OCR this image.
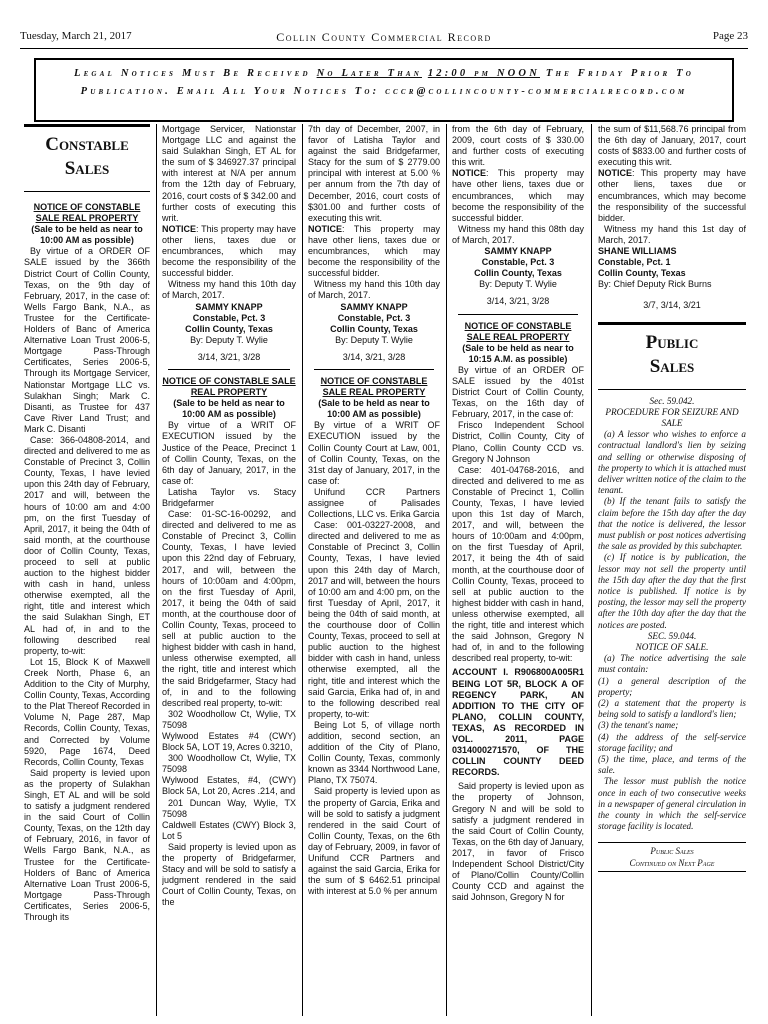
Tuesday, March 21, 2017	Collin County Commercial Record	Page 23
Legal Notices Must Be Received No Later Than 12:00 pm NOON The Friday Prior To Publication. Email All Your Notices To: cccr@collincounty-commercialrecord.com
Constable Sales
NOTICE OF CONSTABLE SALE REAL PROPERTY
(Sale to be held as near to 10:00 AM as possible)

By virtue of a ORDER OF SALE issued by the 366th District Court of Collin County, Texas, on the 9th day of February, 2017, in the case of: Wells Fargo Bank, N.A., as Trustee for the Certificate-Holders of Banc of America Alternative Loan Trust 2006-5, Mortgage Pass-Through Certificates, Series 2006-5, Through its Mortgage Servicer, Nationstar Mortgage LLC vs. Sulakhan Singh; Mark C. Disanti, as Trustee for 437 Cave River Land Trust; and Mark C. Disanti

Case: 366-04808-2014, and directed and delivered to me as Constable of Precinct 3, Collin County, Texas, I have levied upon this 24th day of February, 2017 and will, between the hours of 10:00 am and 4:00 pm, on the first Tuesday of April, 2017, it being the 04th of said month, at the courthouse door of Collin County, Texas, proceed to sell at public auction to the highest bidder with cash in hand, unless otherwise exempted, all the right, title and interest which the said Sulakhan Singh, ET AL had of, in and to the following described real property, to-wit:

Lot 15, Block K of Maxwell Creek North, Phase 6, an Addition to the City of Murphy, Collin County, Texas, According to the Plat Thereof Recorded in Volume N, Page 287, Map Records, Collin County, Texas, and Corrected by Volume 5920, Page 1674, Deed Records, Collin County, Texas

Said property is levied upon as the property of Sulakhan Singh, ET AL and will be sold to satisfy a judgment rendered in the said Court of Collin County, Texas, on the 12th day of February, 2016, in favor of Wells Fargo Bank, N.A., as Trustee for the Certificate-Holders of Banc of America Alternative Loan Trust 2006-5, Mortgage Pass-Through Certificates, Series 2006-5, Through its

Mortgage Servicer, Nationstar Mortgage LLC and against the said Sulakhan Singh, ET AL for the sum of $ 346927.37 principal with interest at N/A per annum from the 12th day of February, 2016, court costs of $ 342.00 and further costs of executing this writ.

NOTICE: This property may have other liens, taxes due or encumbrances, which may become the responsibility of the successful bidder.

Witness my hand this 10th day of March, 2017.

SAMMY KNAPP
Constable, Pct. 3
Collin County, Texas
By: Deputy T. Wylie
3/14, 3/21, 3/28
NOTICE OF CONSTABLE SALE REAL PROPERTY
(Sale to be held as near to 10:00 AM as possible)

By virtue of a WRIT OF EXECUTION issued by the Justice of the Peace, Precinct 1 of Collin County, Texas, on the 6th day of January, 2017, in the case of:

Latisha Taylor vs. Stacy Bridgefarmer

Case: 01-SC-16-00292, and directed and delivered to me as Constable of Precinct 3, Collin County, Texas, I have levied upon this 22nd day of February, 2017, and will, between the hours of 10:00am and 4:00pm, on the first Tuesday of April, 2017, it being the 04th of said month, at the courthouse door of Collin County, Texas, proceed to sell at public auction to the highest bidder with cash in hand, unless otherwise exempted, all the right, title and interest which the said Bridgefarmer, Stacy had of, in and to the following described real property, to-wit:

302 Woodhollow Ct, Wylie, TX 75098

Wylwood Estates #4 (CWY) Block 5A, LOT 19, Acres 0.3210,

300 Woodhollow Ct, Wylie, TX 75098

Wylwood Estates, #4, (CWY) Block 5A, Lot 20, Acres .214, and

201 Duncan Way, Wylie, TX 75098

Caldwell Estates (CWY) Block 3, Lot 5

Said property is levied upon as the property of Bridgefarmer, Stacy and will be sold to satisfy a judgment rendered in the said Court of Collin County, Texas, on the

7th day of December, 2007, in favor of Latisha Taylor and against the said Bridgefarmer, Stacy for the sum of $ 2779.00 principal with interest at 5.00 % per annum from the 7th day of December, 2016, court costs of $301.00 and further costs of executing this writ.

NOTICE: This property may have other liens, taxes due or encumbrances, which may become the responsibility of the successful bidder.

Witness my hand this 10th day of March, 2017.

SAMMY KNAPP
Constable, Pct. 3
Collin County, Texas
By: Deputy T. Wylie
3/14, 3/21, 3/28
NOTICE OF CONSTABLE SALE REAL PROPERTY
(Sale to be held as near to 10:00 AM as possible)

By virtue of a WRIT OF EXECUTION issued by the Collin County Court at Law, 001, of Collin County, Texas, on the 31st day of January, 2017, in the case of:

Unifund CCR Partners assignee of Palisades Collections, LLC vs. Erika Garcia

Case: 001-03227-2008, and directed and delivered to me as Constable of Precinct 3, Collin County, Texas, I have levied upon this 24th day of March, 2017 and will, between the hours of 10:00 am and 4:00 pm, on the first Tuesday of April, 2017, it being the 04th of said month, at the courthouse door of Collin County, Texas, proceed to sell at public auction to the highest bidder with cash in hand, unless otherwise exempted, all the right, title and interest which the said Garcia, Erika had of, in and to the following described real property, to-wit:

Being Lot 5, of village north addition, second section, an addition of the City of Plano, Collin County, Texas, commonly known as 3344 Northwood Lane, Plano, TX 75074.

Said property is levied upon as the property of Garcia, Erika and will be sold to satisfy a judgment rendered in the said Court of Collin County, Texas, on the 6th day of February, 2009, in favor of Unifund CCR Partners and against the said Garcia, Erika for the sum of $ 6462.51 principal with interest at 5.0 % per annum

from the 6th day of February, 2009, court costs of $ 330.00 and further costs of executing this writ.

NOTICE: This property may have other liens, taxes due or encumbrances, which may become the responsibility of the successful bidder.

Witness my hand this 08th day of March, 2017.

SAMMY KNAPP
Constable, Pct. 3
Collin County, Texas
By: Deputy T. Wylie
3/14, 3/21, 3/28
NOTICE OF CONSTABLE SALE REAL PROPERTY
(Sale to be held as near to 10:15 A.M. as possible)

By virtue of an ORDER OF SALE issued by the 401st District Court of Collin County, Texas, on the 16th day of February, 2017, in the case of:

Frisco Independent School District, Collin County, City of Plano, Collin County CCD vs. Gregory N Johnson

Case: 401-04768-2016, and directed and delivered to me as Constable of Precinct 1, Collin County, Texas, I have levied upon this 1st day of March, 2017, and will, between the hours of 10:00am and 4:00pm, on the first Tuesday of April, 2017, it being the 4th of said month, at the courthouse door of Collin County, Texas, proceed to sell at public auction to the highest bidder with cash in hand, unless otherwise exempted, all the right, title and interest which the said Johnson, Gregory N had of, in and to the following described real property, to-wit:

ACCOUNT I. R906800A005R1 BEING LOT 5R, BLOCK A OF REGENCY PARK, AN ADDITION TO THE CITY OF PLANO, COLLIN COUNTY, TEXAS, AS RECORDED IN VOL. 2011, PAGE 0314000271570, OF THE COLLIN COUNTY DEED RECORDS.

Said property is levied upon as the property of Johnson, Gregory N and will be sold to satisfy a judgment rendered in the said Court of Collin County, Texas, on the 6th day of January, 2017, in favor of Frisco Independent School District/City of Plano/Collin County/Collin County CCD and against the said Johnson, Gregory N for

the sum of $11,568.76 principal from the 6th day of January, 2017, court costs of $833.00 and further costs of executing this writ.

NOTICE: This property may have other liens, taxes due or encumbrances, which may become the responsibility of the successful bidder.

Witness my hand this 1st day of March, 2017.

SHANE WILLIAMS

Constable, Pct. 1

Collin County, Texas

By: Chief Deputy Rick Burns

3/7, 3/14, 3/21
Public Sales

Sec. 59.042.

PROCEDURE FOR SEIZURE AND SALE

(a) A lessor who wishes to enforce a contractual landlord's lien by seizing and selling or otherwise disposing of the property to which it is attached must deliver written notice of the claim to the tenant.

(b) If the tenant fails to satisfy the claim before the 15th day after the day that the notice is delivered, the lessor must publish or post notices advertising the sale as provided by this subchapter.

(c) If notice is by publication, the lessor may not sell the property until the 15th day after the day that the first notice is published. If notice is by posting, the lessor may sell the property after the 10th day after the day that the notices are posted.

SEC. 59.044.

NOTICE OF SALE.

(a) The notice advertising the sale must contain:

(1) a general description of the property;

(2) a statement that the property is being sold to satisfy a landlord's lien;

(3) the tenant's name;

(4) the address of the self-service storage facility; and

(5) the time, place, and terms of the sale.

The lessor must publish the notice once in each of two consecutive weeks in a newspaper of general circulation in the county in which the self-service storage facility is located.

Public Sales
Continued on Next Page
